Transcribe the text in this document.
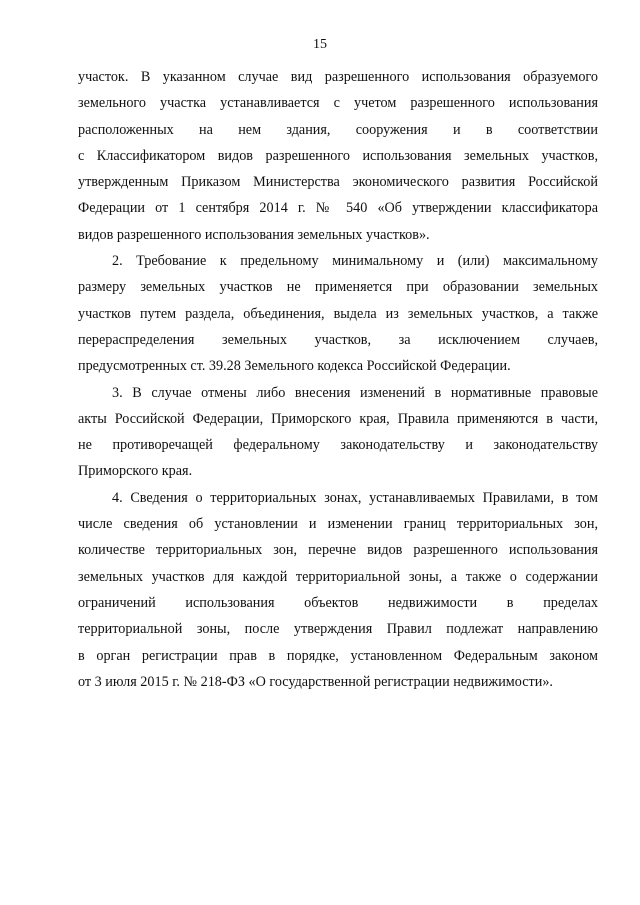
15

участок. В указанном случае вид разрешенного использования образуемого
земельного участка устанавливается с учетом разрешенного использования
расположенных на нем здания, сооружения и в соответствии
с Классификатором видов разрешенного использования земельных участков,
утвержденным Приказом Министерства экономического развития Российской
Федерации от 1 сентября 2014 г. № 540 «Об утверждении классификатора
видов разрешенного использования земельных участков».

2. Требование к предельному минимальному и (или) максимальному
размеру земельных участков не применяется при образовании земельных
участков путем раздела, объединения, выдела из земельных участков, а также
перераспределения земельных участков, за исключением случаев,
предусмотренных ст. 39.28 Земельного кодекса Российской Федерации.

3. В случае отмены либо внесения изменений в нормативные правовые
акты Российской Федерации, Приморского края, Правила применяются в части,
не противоречащей федеральному законодательству и законодательству
Приморского края.

4. Сведения о территориальных зонах, устанавливаемых Правилами, в том
числе сведения об установлении и изменении границ территориальных зон,
количестве территориальных зон, перечне видов разрешенного использования
земельных участков для каждой территориальной зоны, а также о содержании
ограничений использования объектов недвижимости в пределах
территориальной зоны, после утверждения Правил подлежат направлению
в орган регистрации прав в порядке, установленном Федеральным законом
от 3 июля 2015 г. № 218-ФЗ «О государственной регистрации недвижимости».
